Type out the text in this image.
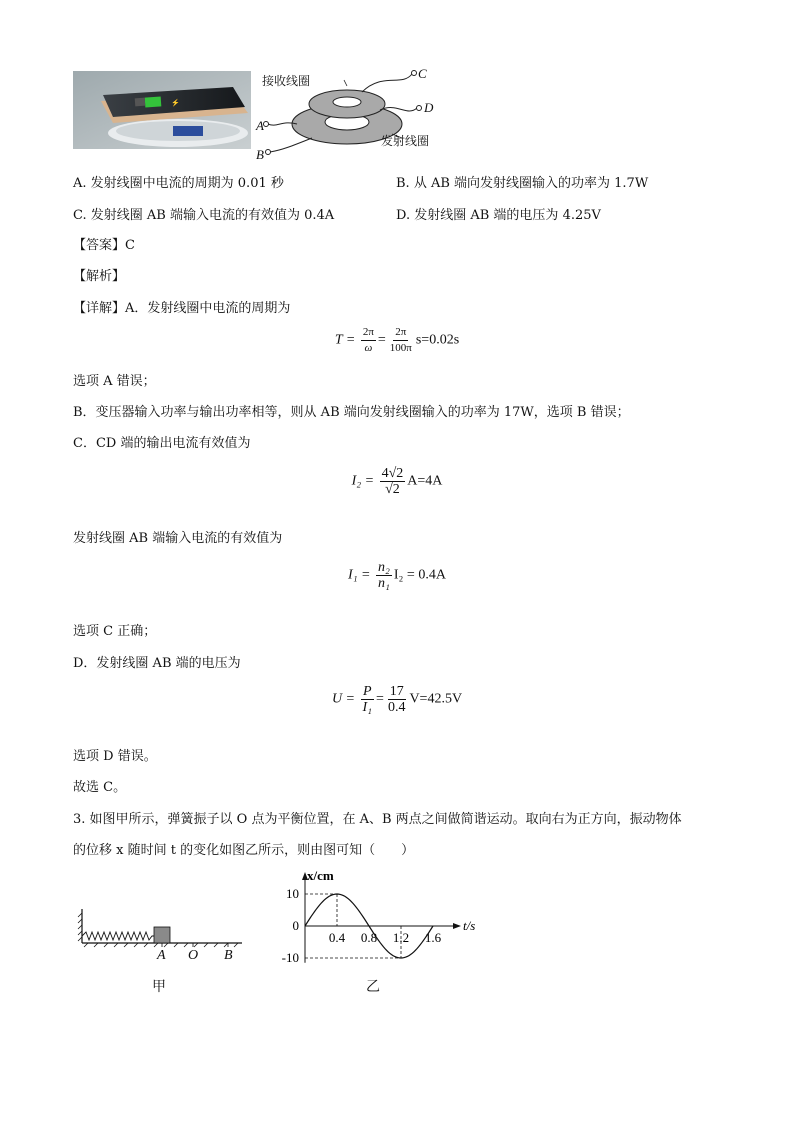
⚡
接收线圈	C
D
A
B
发射线圈
A. 发射线圈中电流的周期为 0.01 秒	B. 从 AB 端向发射线圈输入的功率为 1.7W
C. 发射线圈 AB 端输入电流的有效值为 0.4A	D. 发射线圈 AB 端的电压为 4.25V
【答案】C
【解析】
【详解】A．发射线圈中电流的周期为
$T = \frac{2\pi}{\omega} = \frac{2\pi}{100\pi} s=0.02s$
选项 A 错误；
B．变压器输入功率与输出功率相等，则从 AB 端向发射线圈输入的功率为 17W，选项 B 错误；
C．CD 端的输出电流有效值为
$I_2 = \frac{4√2}{√2} A=4A$
发射线圈 AB 端输入电流的有效值为
$I_1 = \frac{\text{n₂}}{\text{n₁}} I_2 = 0.4A$
选项 C 正确；
D．发射线圈 AB 端的电压为
$U = \frac{P}{\text{I₁}} = \frac{17}{0.4} V=42.5V$
选项 D 错误。
故选 C。
3. 如图甲所示，弹簧振子以 O 点为平衡位置，在 A、B 两点之间做简谐运动。取向右为正方向，振动物体
的位移 x 随时间 t 的变化如图乙所示，则由图可知（　　）
A O B
甲
x/cm
t/s
10
0
-10
0.4 0.8 1.2 1.6
乙
